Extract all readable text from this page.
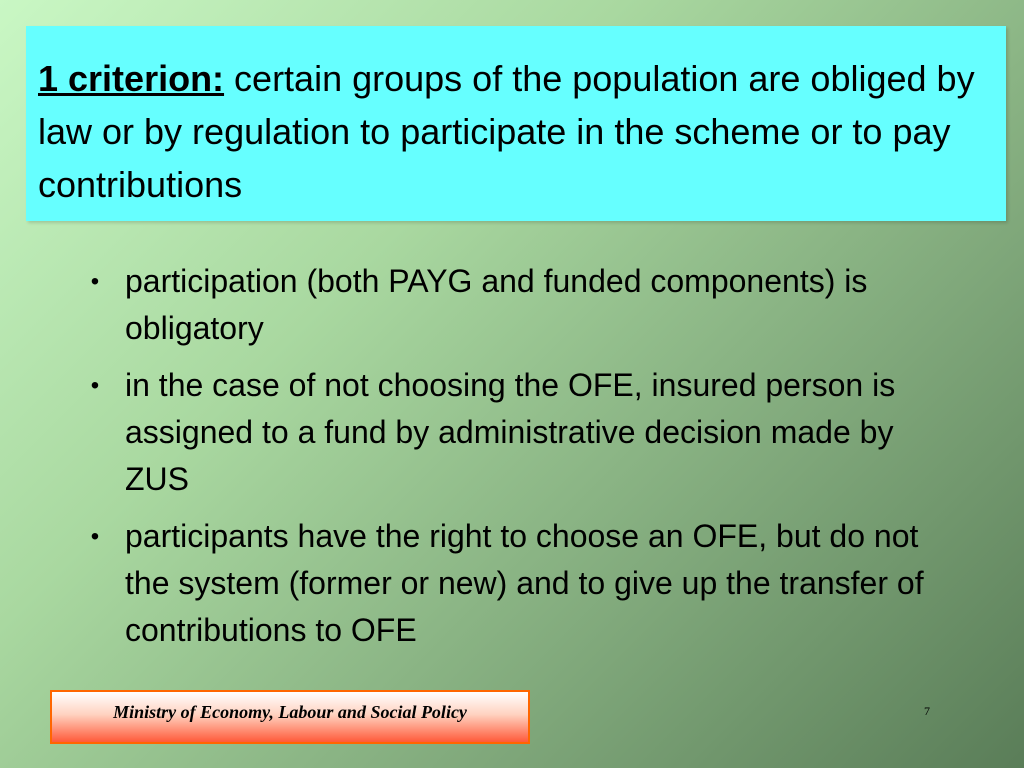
1 criterion: certain groups of the population are obliged by law or by regulation to participate in the scheme or to pay contributions

• participation (both PAYG and funded components) is obligatory
• in the case of not choosing the OFE, insured person is assigned to a fund by administrative decision made by ZUS
• participants have the right to choose an OFE, but do not the system (former or new) and to give up the transfer of contributions to OFE
Ministry of Economy, Labour and Social Policy	7
